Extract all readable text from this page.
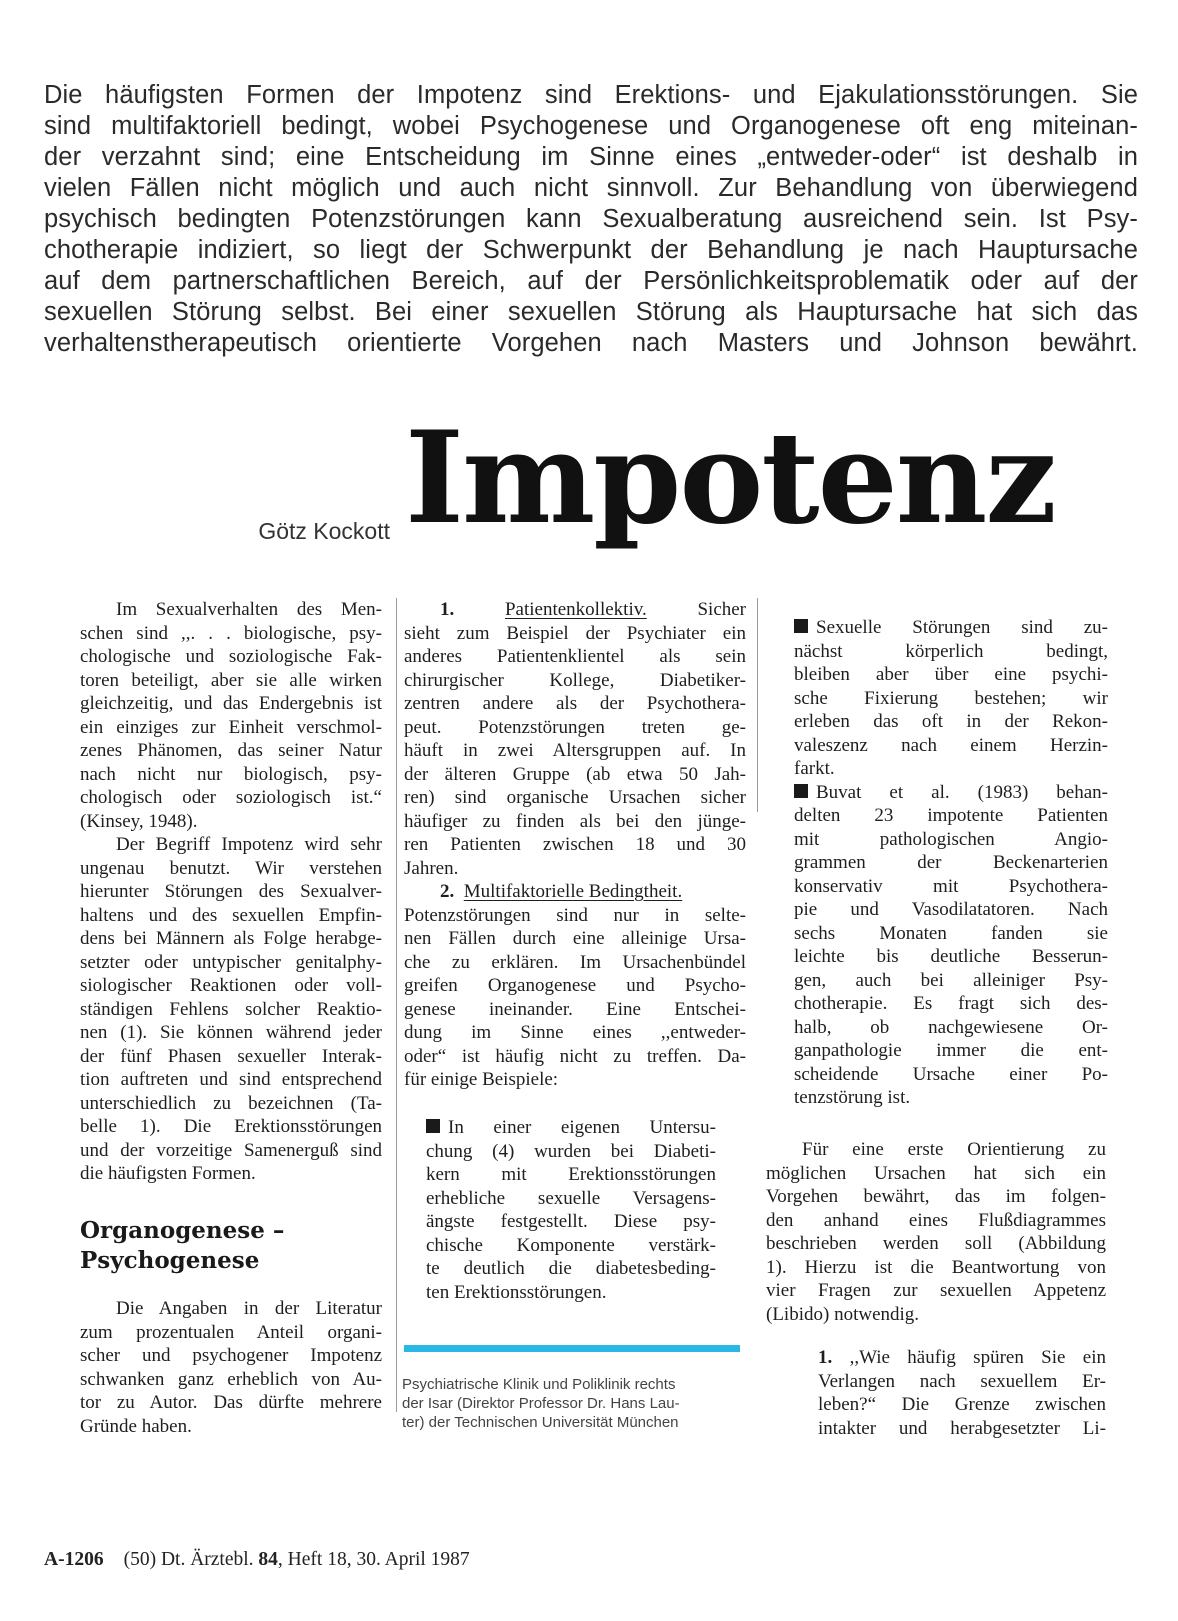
Die häufigsten Formen der Impotenz sind Erektions- und Ejakulationsstörungen. Sie
sind multifaktoriell bedingt, wobei Psychogenese und Organogenese oft eng miteinan-
der verzahnt sind; eine Entscheidung im Sinne eines „entweder-oder“ ist deshalb in
vielen Fällen nicht möglich und auch nicht sinnvoll. Zur Behandlung von überwiegend
psychisch bedingten Potenzstörungen kann Sexualberatung ausreichend sein. Ist Psy-
chotherapie indiziert, so liegt der Schwerpunkt der Behandlung je nach Hauptursache
auf dem partnerschaftlichen Bereich, auf der Persönlichkeitsproblematik oder auf der
sexuellen Störung selbst. Bei einer sexuellen Störung als Hauptursache hat sich das
verhaltenstherapeutisch orientierte Vorgehen nach Masters und Johnson bewährt.
Götz Kockott Impotenz
Im Sexualverhalten des Men-
schen sind ,,. . . biologische, psy-
chologische und soziologische Fak-
toren beteiligt, aber sie alle wirken
gleichzeitig, und das Endergebnis ist
ein einziges zur Einheit verschmol-
zenes Phänomen, das seiner Natur
nach nicht nur biologisch, psy-
chologisch oder soziologisch ist.“
(Kinsey, 1948).
Der Begriff Impotenz wird sehr
ungenau benutzt. Wir verstehen
hierunter Störungen des Sexualver-
haltens und des sexuellen Empfin-
dens bei Männern als Folge herabge-
setzter oder untypischer genitalphy-
siologischer Reaktionen oder voll-
ständigen Fehlens solcher Reaktio-
nen (1). Sie können während jeder
der fünf Phasen sexueller Interak-
tion auftreten und sind entsprechend
unterschiedlich zu bezeichnen (Ta-
belle 1). Die Erektionsstörungen
und der vorzeitige Samenerguß sind
die häufigsten Formen.
Organogenese –
Psychogenese
Die Angaben in der Literatur
zum prozentualen Anteil organi-
scher und psychogener Impotenz
schwanken ganz erheblich von Au-
tor zu Autor. Das dürfte mehrere
Gründe haben.
1.	Patientenkollektiv.	Sicher
sieht zum Beispiel der Psychiater ein
anderes Patientenklientel als sein
chirurgischer Kollege, Diabetiker-
zentren andere als der Psychothera-
peut. Potenzstörungen treten ge-
häuft in zwei Altersgruppen auf. In
der älteren Gruppe (ab etwa 50 Jah-
ren) sind organische Ursachen sicher
häufiger zu finden als bei den jünge-
ren Patienten zwischen 18 und 30
Jahren.
2. Multifaktorielle Bedingtheit.
Potenzstörungen sind nur in selte-
nen Fällen durch eine alleinige Ursa-
che zu erklären. Im Ursachenbündel
greifen Organogenese und Psycho-
genese ineinander. Eine Entschei-
dung im Sinne eines ,,entweder-
oder“ ist häufig nicht zu treffen. Da-
für einige Beispiele:
In einer eigenen Untersu-
chung (4) wurden bei Diabeti-
kern mit Erektionsstörungen
erhebliche sexuelle Versagens-
ängste festgestellt. Diese psy-
chische Komponente verstärk-
te deutlich die diabetesbeding-
ten Erektionsstörungen.
Psychiatrische Klinik und Poliklinik rechts
der Isar (Direktor Professor Dr. Hans Lau-
ter) der Technischen Universität München
Sexuelle Störungen sind zu-
nächst körperlich bedingt,
bleiben aber über eine psychi-
sche Fixierung bestehen; wir
erleben das oft in der Rekon-
valeszenz nach einem Herzin-
farkt.
Buvat et al. (1983) behan-
delten 23 impotente Patienten
mit pathologischen Angio-
grammen der Beckenarterien
konservativ mit Psychothera-
pie und Vasodilatatoren. Nach
sechs Monaten fanden sie
leichte bis deutliche Besserun-
gen, auch bei alleiniger Psy-
chotherapie. Es fragt sich des-
halb, ob nachgewiesene Or-
ganpathologie immer die ent-
scheidende Ursache einer Po-
tenzstörung ist.
Für eine erste Orientierung zu
möglichen Ursachen hat sich ein
Vorgehen bewährt, das im folgen-
den anhand eines Flußdiagrammes
beschrieben werden soll (Abbildung
1). Hierzu ist die Beantwortung von
vier Fragen zur sexuellen Appetenz
(Libido) notwendig.
1. ,,Wie häufig spüren Sie ein
Verlangen nach sexuellem Er-
leben?“ Die Grenze zwischen
intakter und herabgesetzter Li-
A-1206 (50) Dt. Ärztebl. 84, Heft 18, 30. April 1987
